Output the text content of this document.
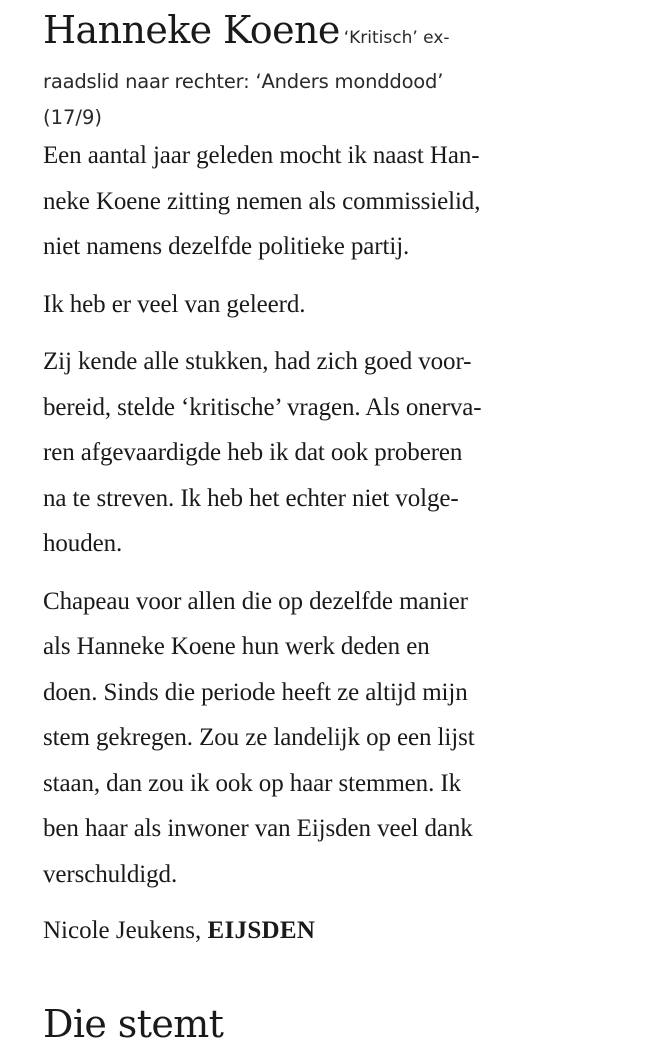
Hanneke Koene ‘Kritisch’ ex-

raadslid naar rechter: ‘Anders monddood’

(17/9)

Een aantal jaar geleden mocht ik naast Han-
neke Koene zitting nemen als commissielid,
niet namens dezelfde politieke partij.

Ik heb er veel van geleerd.

Zij kende alle stukken, had zich goed voor-
bereid, stelde ‘kritische’ vragen. Als onerva-
ren afgevaardigde heb ik dat ook proberen
na te streven. Ik heb het echter niet volge-
houden.

Chapeau voor allen die op dezelfde manier
als Hanneke Koene hun werk deden en
doen. Sinds die periode heeft ze altijd mijn
stem gekregen. Zou ze landelijk op een lijst
staan, dan zou ik ook op haar stemmen. Ik
ben haar als inwoner van Eijsden veel dank
verschuldigd.

Nicole Jeukens, EIJSDEN

Die stemt
